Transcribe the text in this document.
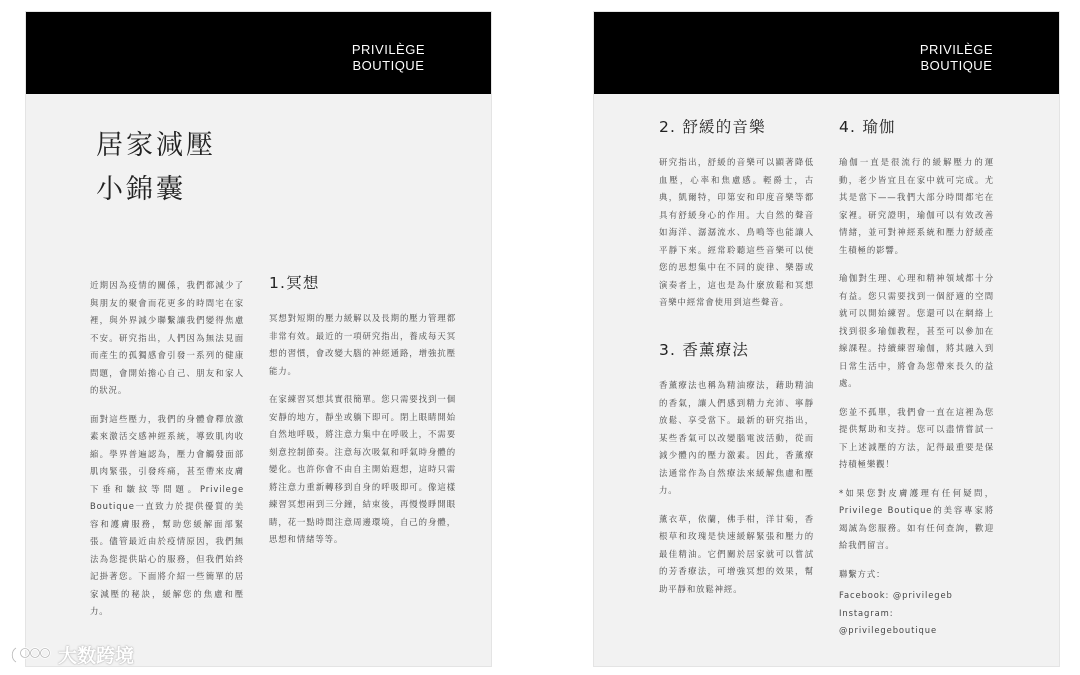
PRIVILÈGE
BOUTIQUE
居家減壓
小錦囊

近期因為疫情的關係，我們都減少了與朋友的聚會而花更多的時間宅在家裡，與外界減少聯繫讓我們變得焦慮不安。研究指出，人們因為無法見面而產生的孤獨感會引發一系列的健康問題，會開始擔心自己、朋友和家人的狀況。

面對這些壓力，我們的身體會釋放激素來激活交感神經系統，導致肌肉收縮。學界普遍認為，壓力會觸發面部肌肉緊張，引發疼痛，甚至帶來皮膚下垂和皺紋等問題。Privilege Boutique一直致力於提供優質的美容和護膚服務，幫助您緩解面部緊張。儘管最近由於疫情原因，我們無法為您提供貼心的服務，但我們始終記掛著您。下面將介紹一些簡單的居家減壓的秘訣，緩解您的焦慮和壓力。

1.冥想

冥想對短期的壓力緩解以及長期的壓力管理都非常有效。最近的一項研究指出，養成每天冥想的習慣，會改變大腦的神經通路，增強抗壓能力。

在家練習冥想其實很簡單。您只需要找到一個安靜的地方，靜坐或躺下即可。閉上眼睛開始自然地呼吸，將注意力集中在呼吸上，不需要刻意控制節奏。注意每次吸氣和呼氣時身體的變化。也許你會不由自主開始遐想，這時只需將注意力重新轉移到自身的呼吸即可。像這樣練習冥想兩到三分鐘，結束後，再慢慢睜開眼睛，花一點時間注意周邊環境，自己的身體，思想和情緒等等。

PRIVILÈGE
BOUTIQUE
2. 舒緩的音樂

研究指出，舒緩的音樂可以顯著降低血壓，心率和焦慮感。輕爵士，古典，凱爾特，印第安和印度音樂等都具有舒緩身心的作用。大自然的聲音如海洋、潺潺流水、鳥鳴等也能讓人平靜下來。經常聆聽這些音樂可以使您的思想集中在不同的旋律、樂器或演奏者上，這也是為什麼放鬆和冥想音樂中經常會使用到這些聲音。

3. 香薰療法

香薰療法也稱為精油療法，藉助精油的香氣，讓人們感到精力充沛、寧靜放鬆、享受當下。最新的研究指出，某些香氣可以改變腦電波活動，從而減少體內的壓力激素。因此，香薰療法通常作為自然療法來緩解焦慮和壓力。

薰衣草，依蘭，佛手柑，洋甘菊，香根草和玫瑰是快速緩解緊張和壓力的最佳精油。它們關於居家就可以嘗試的芳香療法，可增強冥想的效果，幫助平靜和放鬆神經。

4. 瑜伽

瑜伽一直是很流行的緩解壓力的運動，老少皆宜且在家中就可完成。尤其是當下——我們大部分時間都宅在家裡。研究證明，瑜伽可以有效改善情緒，並可對神經系統和壓力舒緩產生積極的影響。

瑜伽對生理、心理和精神領域都十分有益。您只需要找到一個舒適的空間就可以開始練習。您還可以在網絡上找到很多瑜伽教程，甚至可以參加在線課程。持續練習瑜伽，將其融入到日常生活中，將會為您帶來長久的益處。

您並不孤單，我們會一直在這裡為您提供幫助和支持。您可以盡情嘗試一下上述減壓的方法，記得最重要是保持積極樂觀！

*如果您對皮膚護理有任何疑問，Privilege Boutique的美容專家將竭誠為您服務。如有任何查詢，歡迎給我們留言。

聯繫方式：

Facebook: @privilegeb

Instagram: @privilegeboutique

大数跨境
